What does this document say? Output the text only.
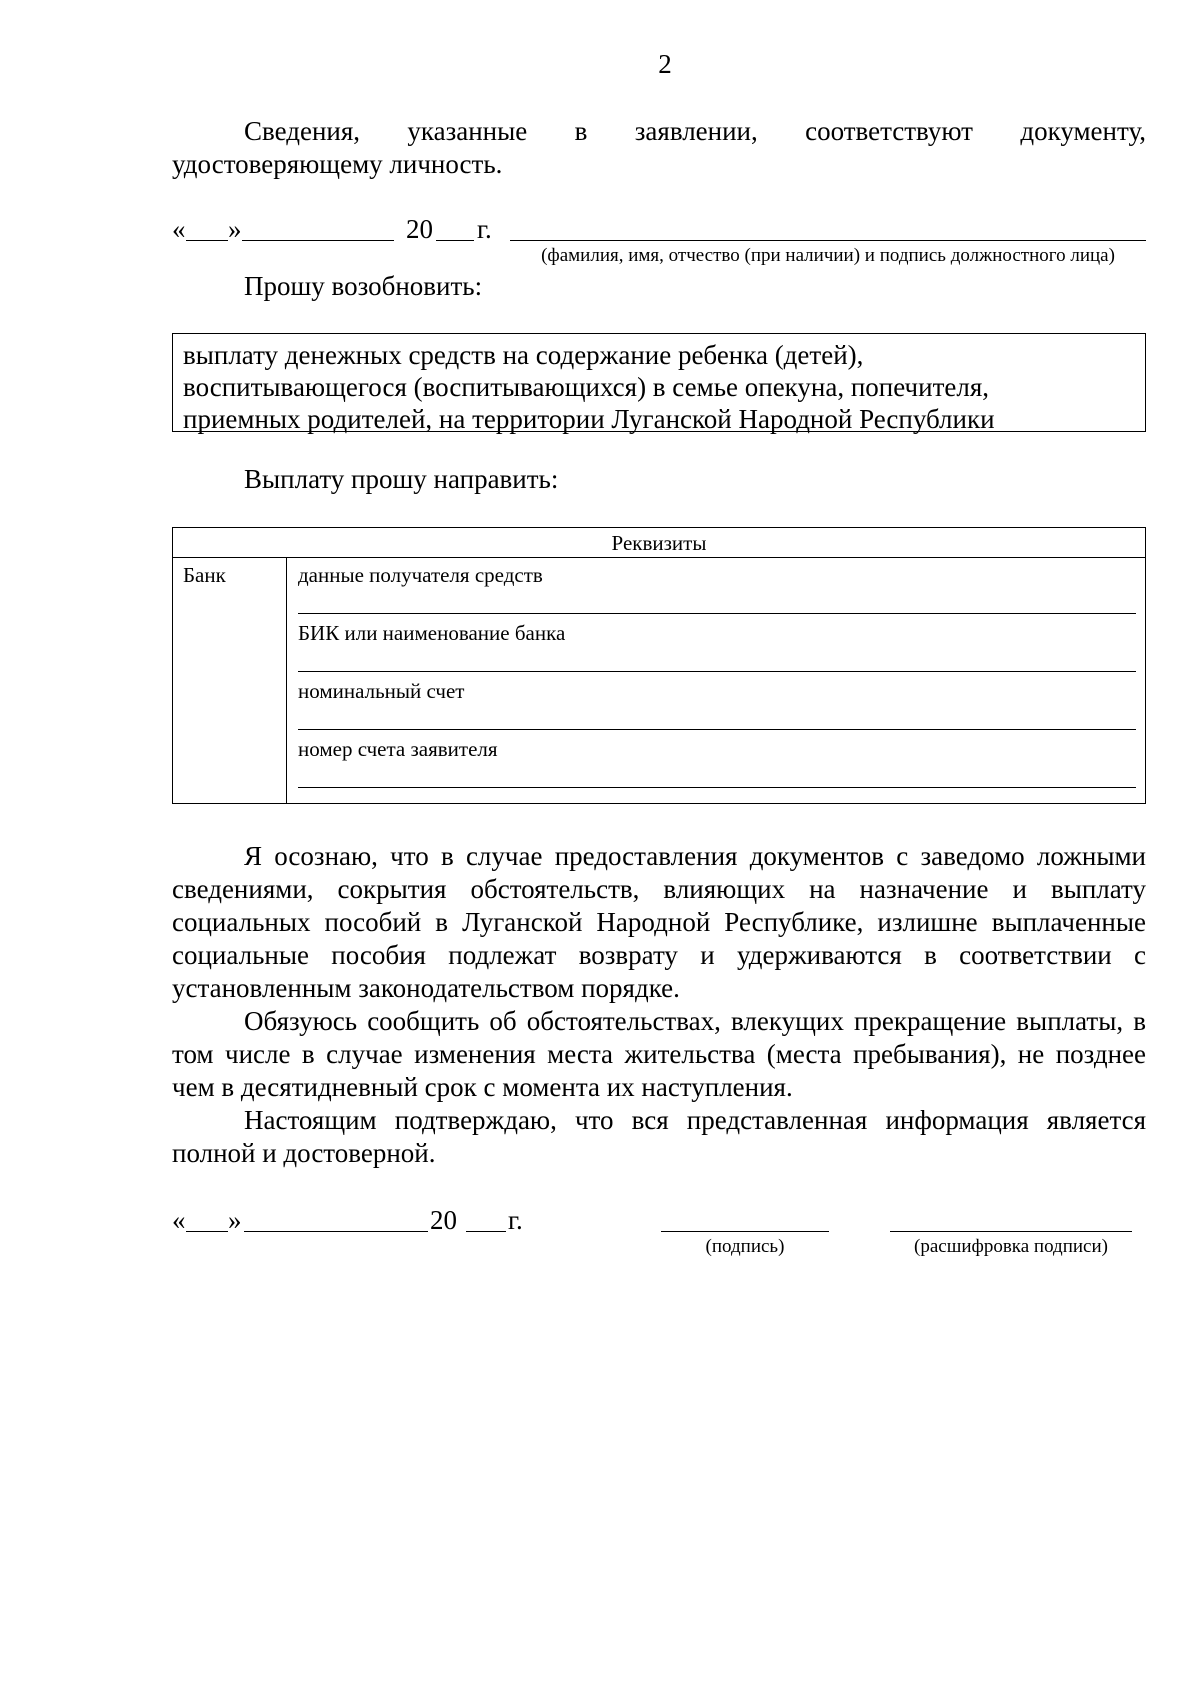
2
Сведения, указанные в заявлении, соответствуют документу, удостоверяющему личность.
« »	20 г.
(фамилия, имя, отчество (при наличии) и подпись должностного лица)
Прошу возобновить:
выплату денежных средств на содержание ребенка (детей),
воспитывающегося (воспитывающихся) в семье опекуна, попечителя,
приемных родителей, на территории Луганской Народной Республики
Выплату прошу направить:
Реквизиты
Банк	данные получателя средств
БИК или наименование банка
номинальный счет
номер счета заявителя
Я осознаю, что в случае предоставления документов с заведомо ложными сведениями, сокрытия обстоятельств, влияющих на назначение и выплату социальных пособий в Луганской Народной Республике, излишне выплаченные социальные пособия подлежат возврату и удерживаются в соответствии с установленным законодательством порядке.
Обязуюсь сообщить об обстоятельствах, влекущих прекращение выплаты, в том числе в случае изменения места жительства (места пребывания), не позднее чем в десятидневный срок с момента их наступления.
Настоящим подтверждаю, что вся представленная информация является полной и достоверной.
« »	20 г.
(подпись)	(расшифровка подписи)
